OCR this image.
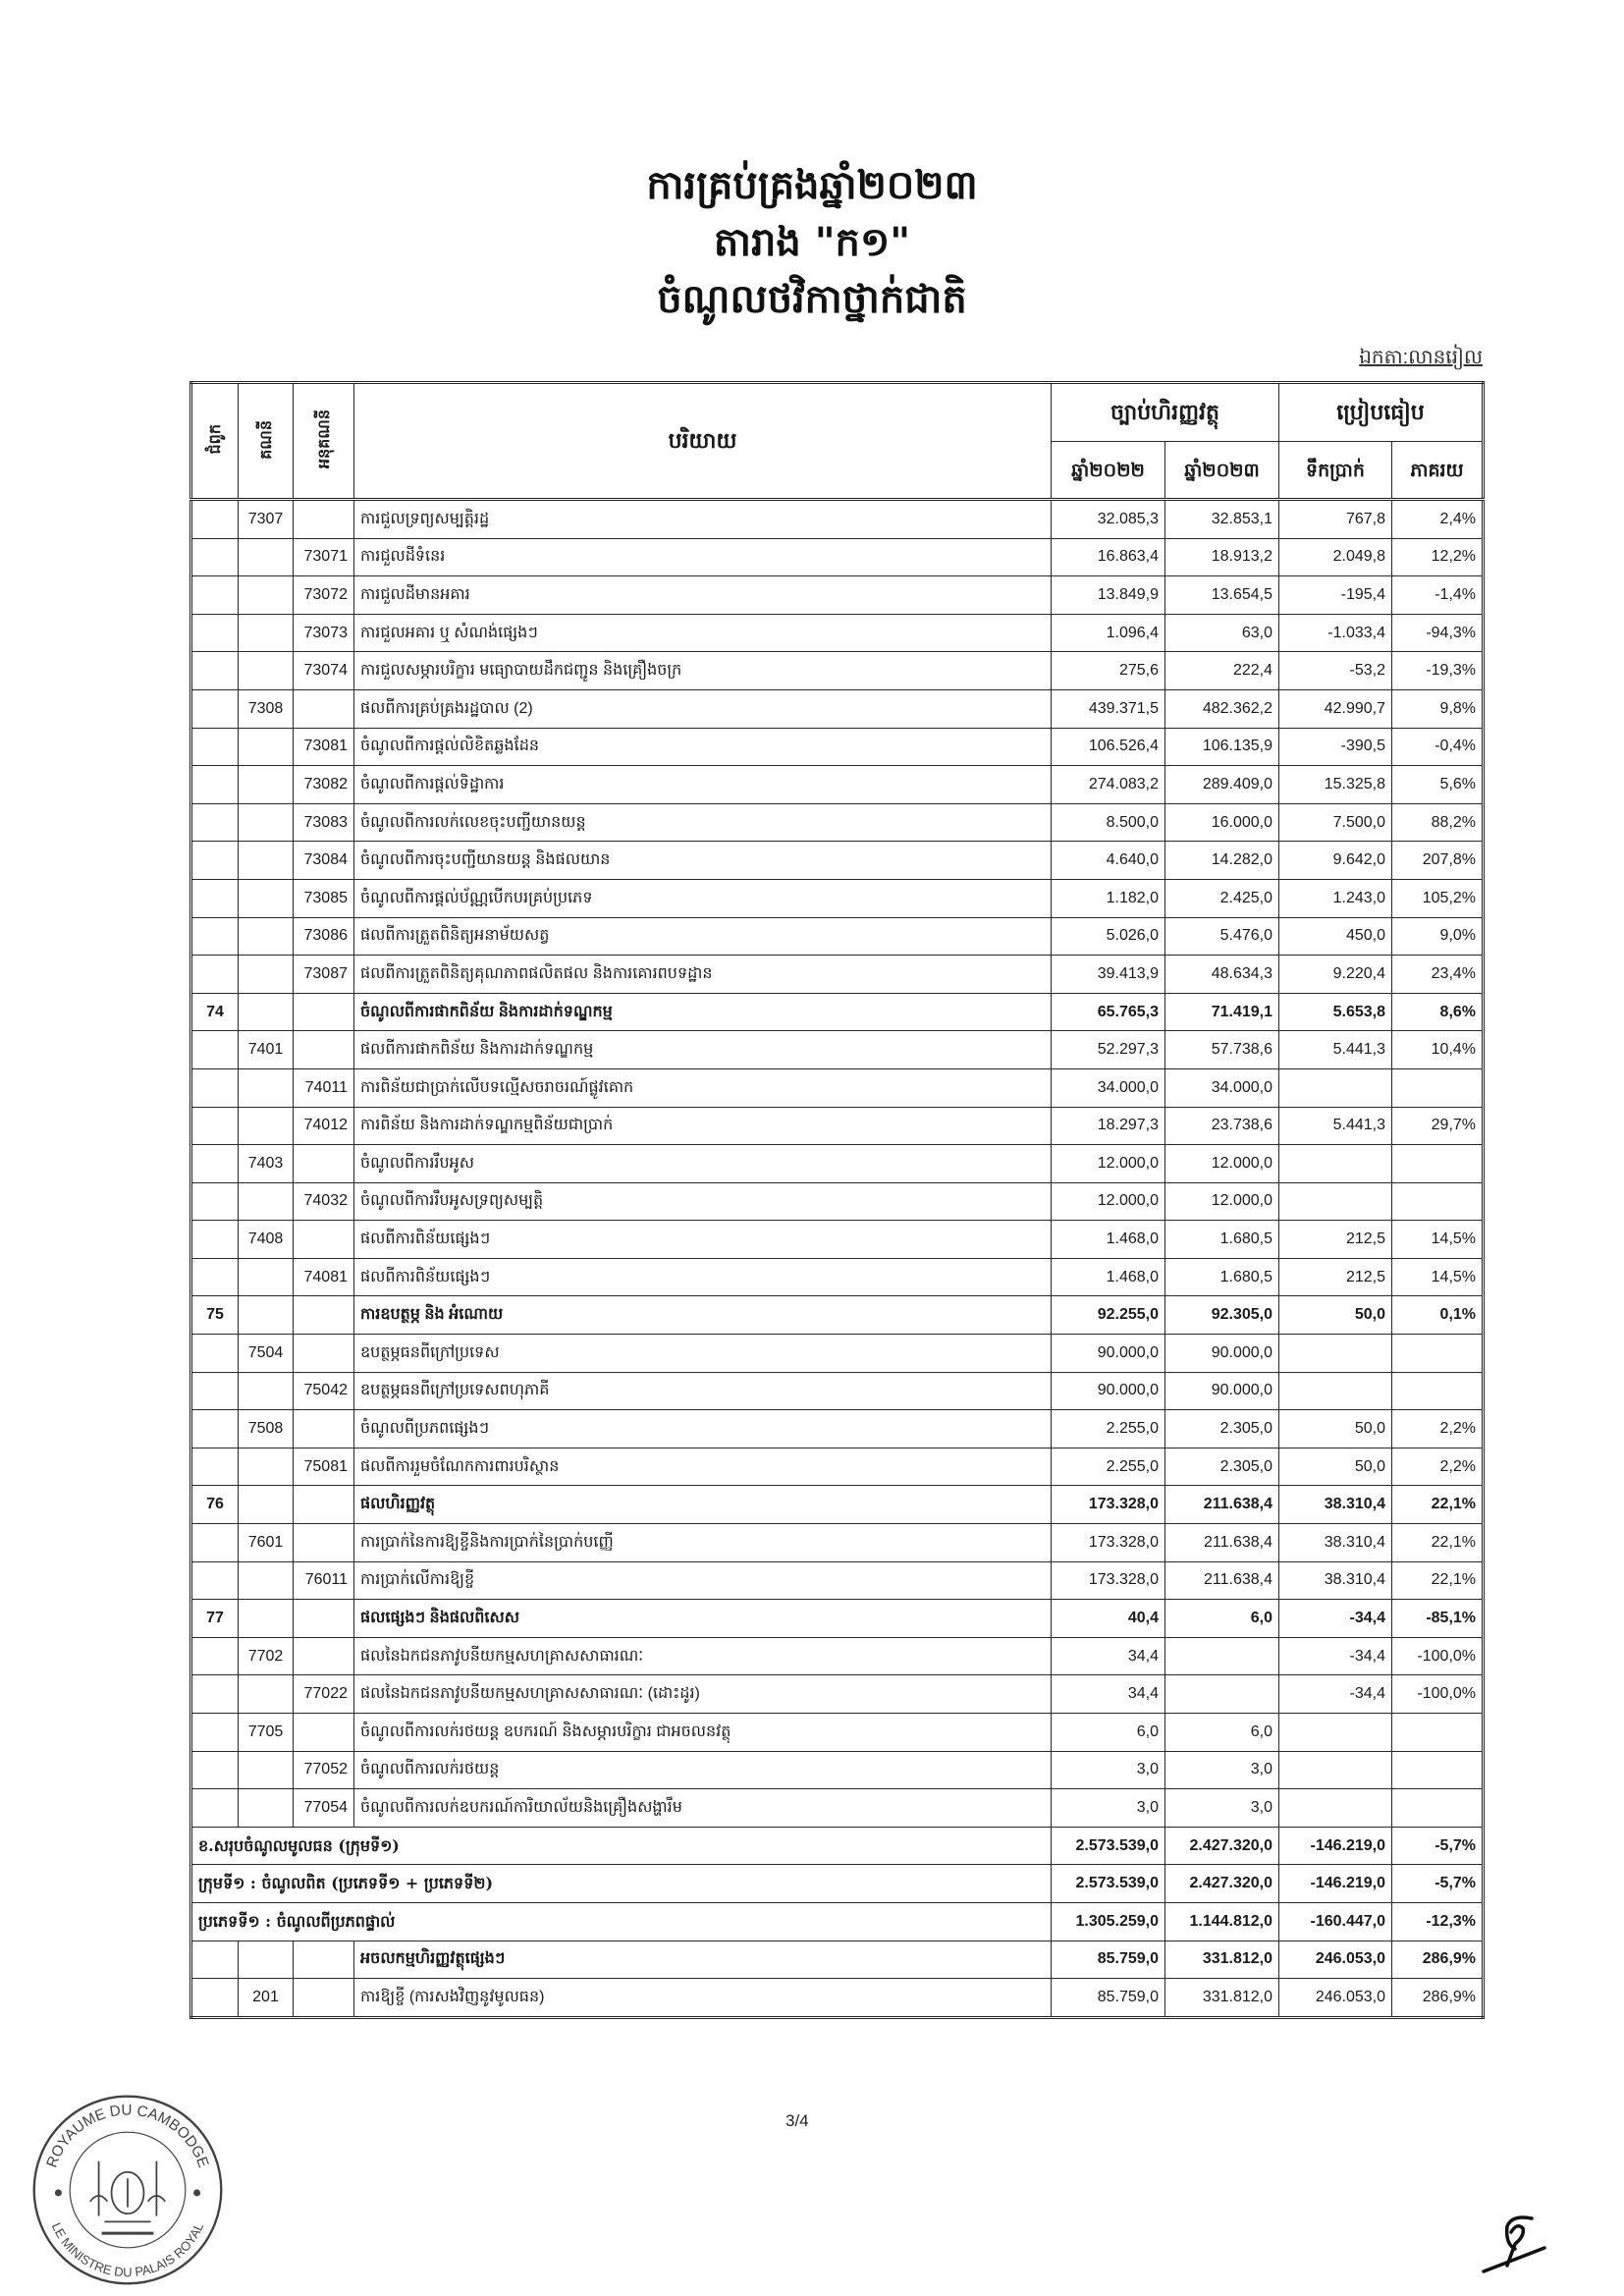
ការគ្រប់គ្រងឆ្នាំ២០២៣
តារាង "ក១"
ចំណូលថវិកាថ្នាក់ជាតិ
ឯកតា:លានរៀល
ជំពូក	គណនី	អនុគណនី	បរិយាយ	ច្បាប់ហិរញ្ញវត្ថុ		ប្រៀបធៀប	
				ឆ្នាំ២០២២	ឆ្នាំ២០២៣	ទឹកប្រាក់	ភាគរយ
	7307		ការជួលទ្រព្យសម្បត្តិរដ្ឋ	32.085,3	32.853,1	767,8	2,4%
		73071	ការជួលដីទំនេរ	16.863,4	18.913,2	2.049,8	12,2%
		73072	ការជួលដីមានអគារ	13.849,9	13.654,5	-195,4	-1,4%
		73073	ការជួលអគារ ឬ សំណង់ផ្សេងៗ	1.096,4	63,0	-1.033,4	-94,3%
		73074	ការជួលសម្ភារបរិក្ខារ មធ្យោបាយដឹកជញ្ជូន និងគ្រឿងចក្រ	275,6	222,4	-53,2	-19,3%
	7308		ផលពីការគ្រប់គ្រងរដ្ឋបាល (2)	439.371,5	482.362,2	42.990,7	9,8%
		73081	ចំណូលពីការផ្តល់លិខិតឆ្លងដែន	106.526,4	106.135,9	-390,5	-0,4%
		73082	ចំណូលពីការផ្តល់ទិដ្ឋាការ	274.083,2	289.409,0	15.325,8	5,6%
		73083	ចំណូលពីការលក់លេខចុះបញ្ជីយានយន្ត	8.500,0	16.000,0	7.500,0	88,2%
		73084	ចំណូលពីការចុះបញ្ជីយានយន្ត និងផលយាន	4.640,0	14.282,0	9.642,0	207,8%
		73085	ចំណូលពីការផ្តល់ប័ណ្ណបើកបរគ្រប់ប្រភេទ	1.182,0	2.425,0	1.243,0	105,2%
		73086	ផលពីការត្រួតពិនិត្យអនាម័យសត្វ	5.026,0	5.476,0	450,0	9,0%
		73087	ផលពីការត្រួតពិនិត្យគុណភាពផលិតផល និងការគោរពបទដ្ឋាន	39.413,9	48.634,3	9.220,4	23,4%
74			ចំណូលពីការផាកពិន័យ និងការដាក់ទណ្ឌកម្ម	65.765,3	71.419,1	5.653,8	8,6%
	7401		ផលពីការផាកពិន័យ និងការដាក់ទណ្ឌកម្ម	52.297,3	57.738,6	5.441,3	10,4%
		74011	ការពិន័យជាប្រាក់លើបទល្មើសចរាចរណ៍ផ្លូវគោក	34.000,0	34.000,0		
		74012	ការពិន័យ និងការដាក់ទណ្ឌកម្មពិន័យជាប្រាក់	18.297,3	23.738,6	5.441,3	29,7%
	7403		ចំណូលពីការរឹបអូស	12.000,0	12.000,0		
		74032	ចំណូលពីការរឹបអូសទ្រព្យសម្បត្តិ	12.000,0	12.000,0		
	7408		ផលពីការពិន័យផ្សេងៗ	1.468,0	1.680,5	212,5	14,5%
		74081	ផលពីការពិន័យផ្សេងៗ	1.468,0	1.680,5	212,5	14,5%
75			ការឧបត្ថម្ភ និង អំណោយ	92.255,0	92.305,0	50,0	0,1%
	7504		ឧបត្ថម្ភធនពីក្រៅប្រទេស	90.000,0	90.000,0		
		75042	ឧបត្ថម្ភធនពីក្រៅប្រទេសពហុភាគី	90.000,0	90.000,0		
	7508		ចំណូលពីប្រភពផ្សេងៗ	2.255,0	2.305,0	50,0	2,2%
		75081	ផលពីការរួមចំណែកការពារបរិស្ថាន	2.255,0	2.305,0	50,0	2,2%
76			ផលហិរញ្ញវត្ថុ	173.328,0	211.638,4	38.310,4	22,1%
	7601		ការប្រាក់នៃការឱ្យខ្ចីនិងការប្រាក់នៃប្រាក់បញ្ញើ	173.328,0	211.638,4	38.310,4	22,1%
		76011	ការប្រាក់លើការឱ្យខ្ចី	173.328,0	211.638,4	38.310,4	22,1%
77			ផលផ្សេងៗ និងផលពិសេស	40,4	6,0	-34,4	-85,1%
	7702		ផលនៃឯកជនភាវូបនីយកម្មសហគ្រាសសាធារណៈ	34,4		-34,4	-100,0%
		77022	ផលនៃឯកជនភាវូបនីយកម្មសហគ្រាសសាធារណៈ (ដោះដូរ)	34,4		-34,4	-100,0%
	7705		ចំណូលពីការលក់រថយន្ត ឧបករណ៍ និងសម្ភារបរិក្ខារ ជាអចលនវត្ថុ	6,0	6,0		
		77052	ចំណូលពីការលក់រថយន្ត	3,0	3,0		
		77054	ចំណូលពីការលក់ឧបករណ៍ការិយាល័យនិងគ្រឿងសង្ហារឹម	3,0	3,0		
ខ.សរុបចំណូលមូលធន (ក្រុមទី១)				2.573.539,0	2.427.320,0	-146.219,0	-5,7%
ក្រុមទី១ : ចំណូលពិត (ប្រភេទទី១ + ប្រភេទទី២)				2.573.539,0	2.427.320,0	-146.219,0	-5,7%
ប្រភេទទី១ : ចំណូលពីប្រភពផ្ទាល់				1.305.259,0	1.144.812,0	-160.447,0	-12,3%
			អចលកម្មហិរញ្ញវត្ថុផ្សេងៗ	85.759,0	331.812,0	246.053,0	286,9%
	201		ការឱ្យខ្ចី (ការសងវិញនូវមូលធន)	85.759,0	331.812,0	246.053,0	286,9%
3/4
ROYAUME DU CAMBODGE
LE MINISTRE DU PALAIS ROYAL
